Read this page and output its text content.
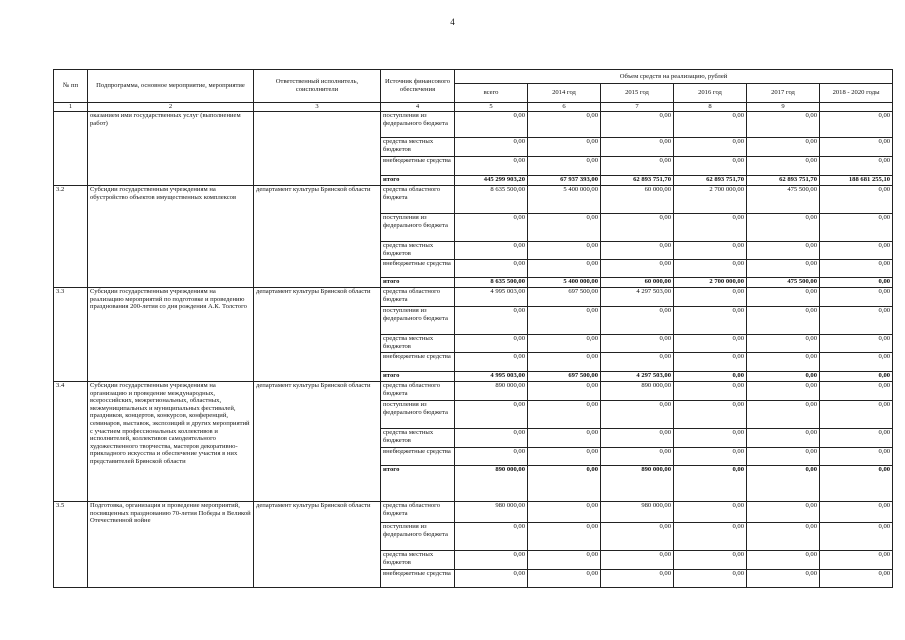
4
№ пп	Подпрограмма, основное мероприятие, мероприятие	Ответственный исполнитель, соисполнители	Источник финансового обеспечения	Объем средств на реализацию, рублей					
				всего	2014 год	2015 год	2016 год	2017 год	2018 - 2020 годы
1	2	3	4	5	6	7	8	9	
	оказанием ими государственных услуг (выполнением работ)		поступления из федерального бюджета	0,00	0,00	0,00	0,00	0,00	0,00
			средства местных бюджетов	0,00	0,00	0,00	0,00	0,00	0,00
			внебюджетные средства	0,00	0,00	0,00	0,00	0,00	0,00
			итого	445 299 903,20	67 937 393,00	62 893 751,70	62 893 751,70	62 893 751,70	188 681 255,10
3.2	Субсидии государственным учреждениям на обустройство объектов имущественных комплексов	департамент культуры Брянской области	средства областного бюджета	8 635 500,00	5 400 000,00	60 000,00	2 700 000,00	475 500,00	0,00
			поступления из федерального бюджета	0,00	0,00	0,00	0,00	0,00	0,00
			средства местных бюджетов	0,00	0,00	0,00	0,00	0,00	0,00
			внебюджетные средства	0,00	0,00	0,00	0,00	0,00	0,00
			итого	8 635 500,00	5 400 000,00	60 000,00	2 700 000,00	475 500,00	0,00
3.3	Субсидии государственным учреждениям на реализацию мероприятий по подготовке и проведению празднования 200-летия со дня рождения А.К. Толстого	департамент культуры Брянской области	средства областного бюджета	4 995 003,00	697 500,00	4 297 503,00	0,00	0,00	0,00
			поступления из федерального бюджета	0,00	0,00	0,00	0,00	0,00	0,00
			средства местных бюджетов	0,00	0,00	0,00	0,00	0,00	0,00
			внебюджетные средства	0,00	0,00	0,00	0,00	0,00	0,00
			итого	4 995 003,00	697 500,00	4 297 503,00	0,00	0,00	0,00
3.4	Субсидии государственным учреждениям на организацию и проведение международных, всероссийских, межрегиональных, областных, межмуниципальных и муниципальных фестивалей, праздников, концертов, конкурсов, конференций, семинаров, выставок, экспозиций и других мероприятий с участием профессиональных коллективов и исполнителей, коллективов самодеятельного художественного творчества, мастеров декоративно-прикладного искусства и обеспечение участия в них представителей Брянской области	департамент культуры Брянской области	средства областного бюджета	890 000,00	0,00	890 000,00	0,00	0,00	0,00
			поступления из федерального бюджета	0,00	0,00	0,00	0,00	0,00	0,00
			средства местных бюджетов	0,00	0,00	0,00	0,00	0,00	0,00
			внебюджетные средства	0,00	0,00	0,00	0,00	0,00	0,00
			итого	890 000,00	0,00	890 000,00	0,00	0,00	0,00
3.5	Подготовка, организация и проведение мероприятий, посвященных празднованию 70-летия Победы в Великой Отечественной войне	департамент культуры Брянской области	средства областного бюджета	980 000,00	0,00	980 000,00	0,00	0,00	0,00
			поступления из федерального бюджета	0,00	0,00	0,00	0,00	0,00	0,00
			средства местных бюджетов	0,00	0,00	0,00	0,00	0,00	0,00
			внебюджетные средства	0,00	0,00	0,00	0,00	0,00	0,00
